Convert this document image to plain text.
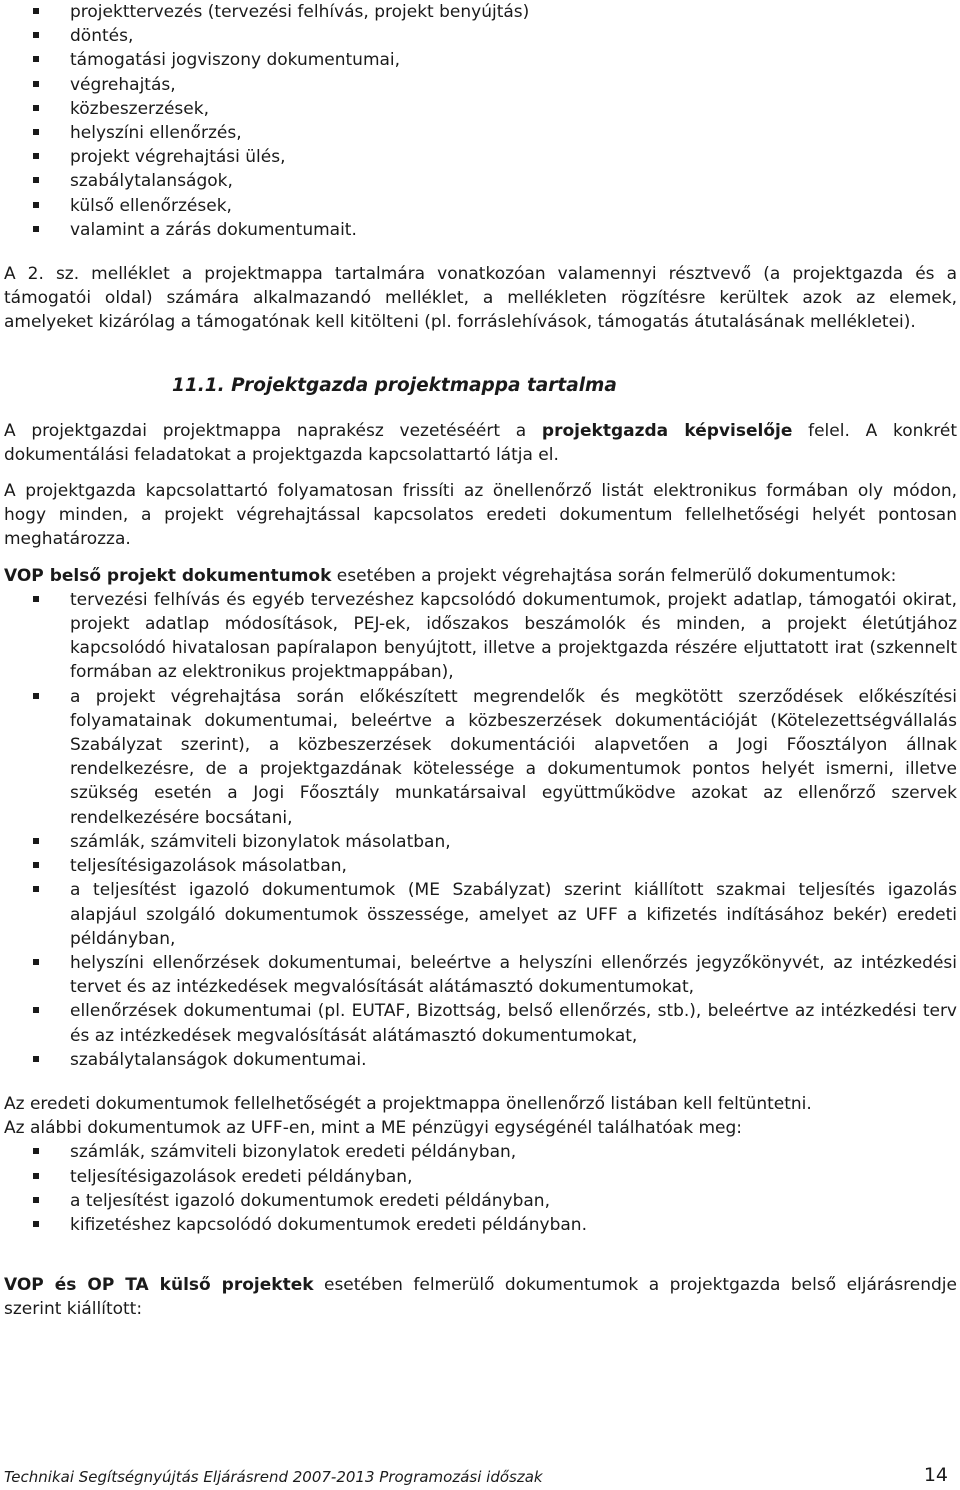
projekttervezés (tervezési felhívás, projekt benyújtás)
döntés,
támogatási jogviszony dokumentumai,
végrehajtás,
közbeszerzések,
helyszíni ellenőrzés,
projekt végrehajtási ülés,
szabálytalanságok,
külső ellenőrzések,
valamint a zárás dokumentumait.

A 2. sz. melléklet a projektmappa tartalmára vonatkozóan valamennyi résztvevő (a projektgazda és a támogatói oldal) számára alkalmazandó melléklet, a mellékleten rögzítésre kerültek azok az elemek, amelyeket kizárólag a támogatónak kell kitölteni (pl. forráslehívások, támogatás átutalásának mellékletei).

11.1. Projektgazda projektmappa tartalma

A projektgazdai projektmappa naprakész vezetéséért a projektgazda képviselője felel. A konkrét dokumentálási feladatokat a projektgazda kapcsolattartó látja el.

A projektgazda kapcsolattartó folyamatosan frissíti az önellenőrző listát elektronikus formában oly módon, hogy minden, a projekt végrehajtással kapcsolatos eredeti dokumentum fellelhetőségi helyét pontosan meghatározza.

VOP belső projekt dokumentumok esetében a projekt végrehajtása során felmerülő dokumentumok:

tervezési felhívás és egyéb tervezéshez kapcsolódó dokumentumok, projekt adatlap, támogatói okirat, projekt adatlap módosítások, PEJ-ek, időszakos beszámolók és minden, a projekt életútjához kapcsolódó hivatalosan papíralapon benyújtott, illetve a projektgazda részére eljuttatott irat (szkennelt formában az elektronikus projektmappában),
a projekt végrehajtása során előkészített megrendelők és megkötött szerződések előkészítési folyamatainak dokumentumai, beleértve a közbeszerzések dokumentációját (Kötelezettségvállalás Szabályzat szerint), a közbeszerzések dokumentációi alapvetően a Jogi Főosztályon állnak rendelkezésre, de a projektgazdának kötelessége a dokumentumok pontos helyét ismerni, illetve szükség esetén a Jogi Főosztály munkatársaival együttműködve azokat az ellenőrző szervek rendelkezésére bocsátani,
számlák, számviteli bizonylatok másolatban,
teljesítésigazolások másolatban,
a teljesítést igazoló dokumentumok (ME Szabályzat) szerint kiállított szakmai teljesítés igazolás alapjául szolgáló dokumentumok összessége, amelyet az UFF a kifizetés indításához bekér) eredeti példányban,
helyszíni ellenőrzések dokumentumai, beleértve a helyszíni ellenőrzés jegyzőkönyvét, az intézkedési tervet és az intézkedések megvalósítását alátámasztó dokumentumokat,
ellenőrzések dokumentumai (pl. EUTAF, Bizottság, belső ellenőrzés, stb.), beleértve az intézkedési terv és az intézkedések megvalósítását alátámasztó dokumentumokat,
szabálytalanságok dokumentumai.

Az eredeti dokumentumok fellelhetőségét a projektmappa önellenőrző listában kell feltüntetni.

Az alábbi dokumentumok az UFF-en, mint a ME pénzügyi egységénél találhatóak meg:

számlák, számviteli bizonylatok eredeti példányban,
teljesítésigazolások eredeti példányban,
a teljesítést igazoló dokumentumok eredeti példányban,
kifizetéshez kapcsolódó dokumentumok eredeti példányban.

VOP és OP TA külső projektek esetében felmerülő dokumentumok a projektgazda belső eljárásrendje szerint kiállított:

Technikai Segítségnyújtás Eljárásrend 2007-2013 Programozási időszak	14
